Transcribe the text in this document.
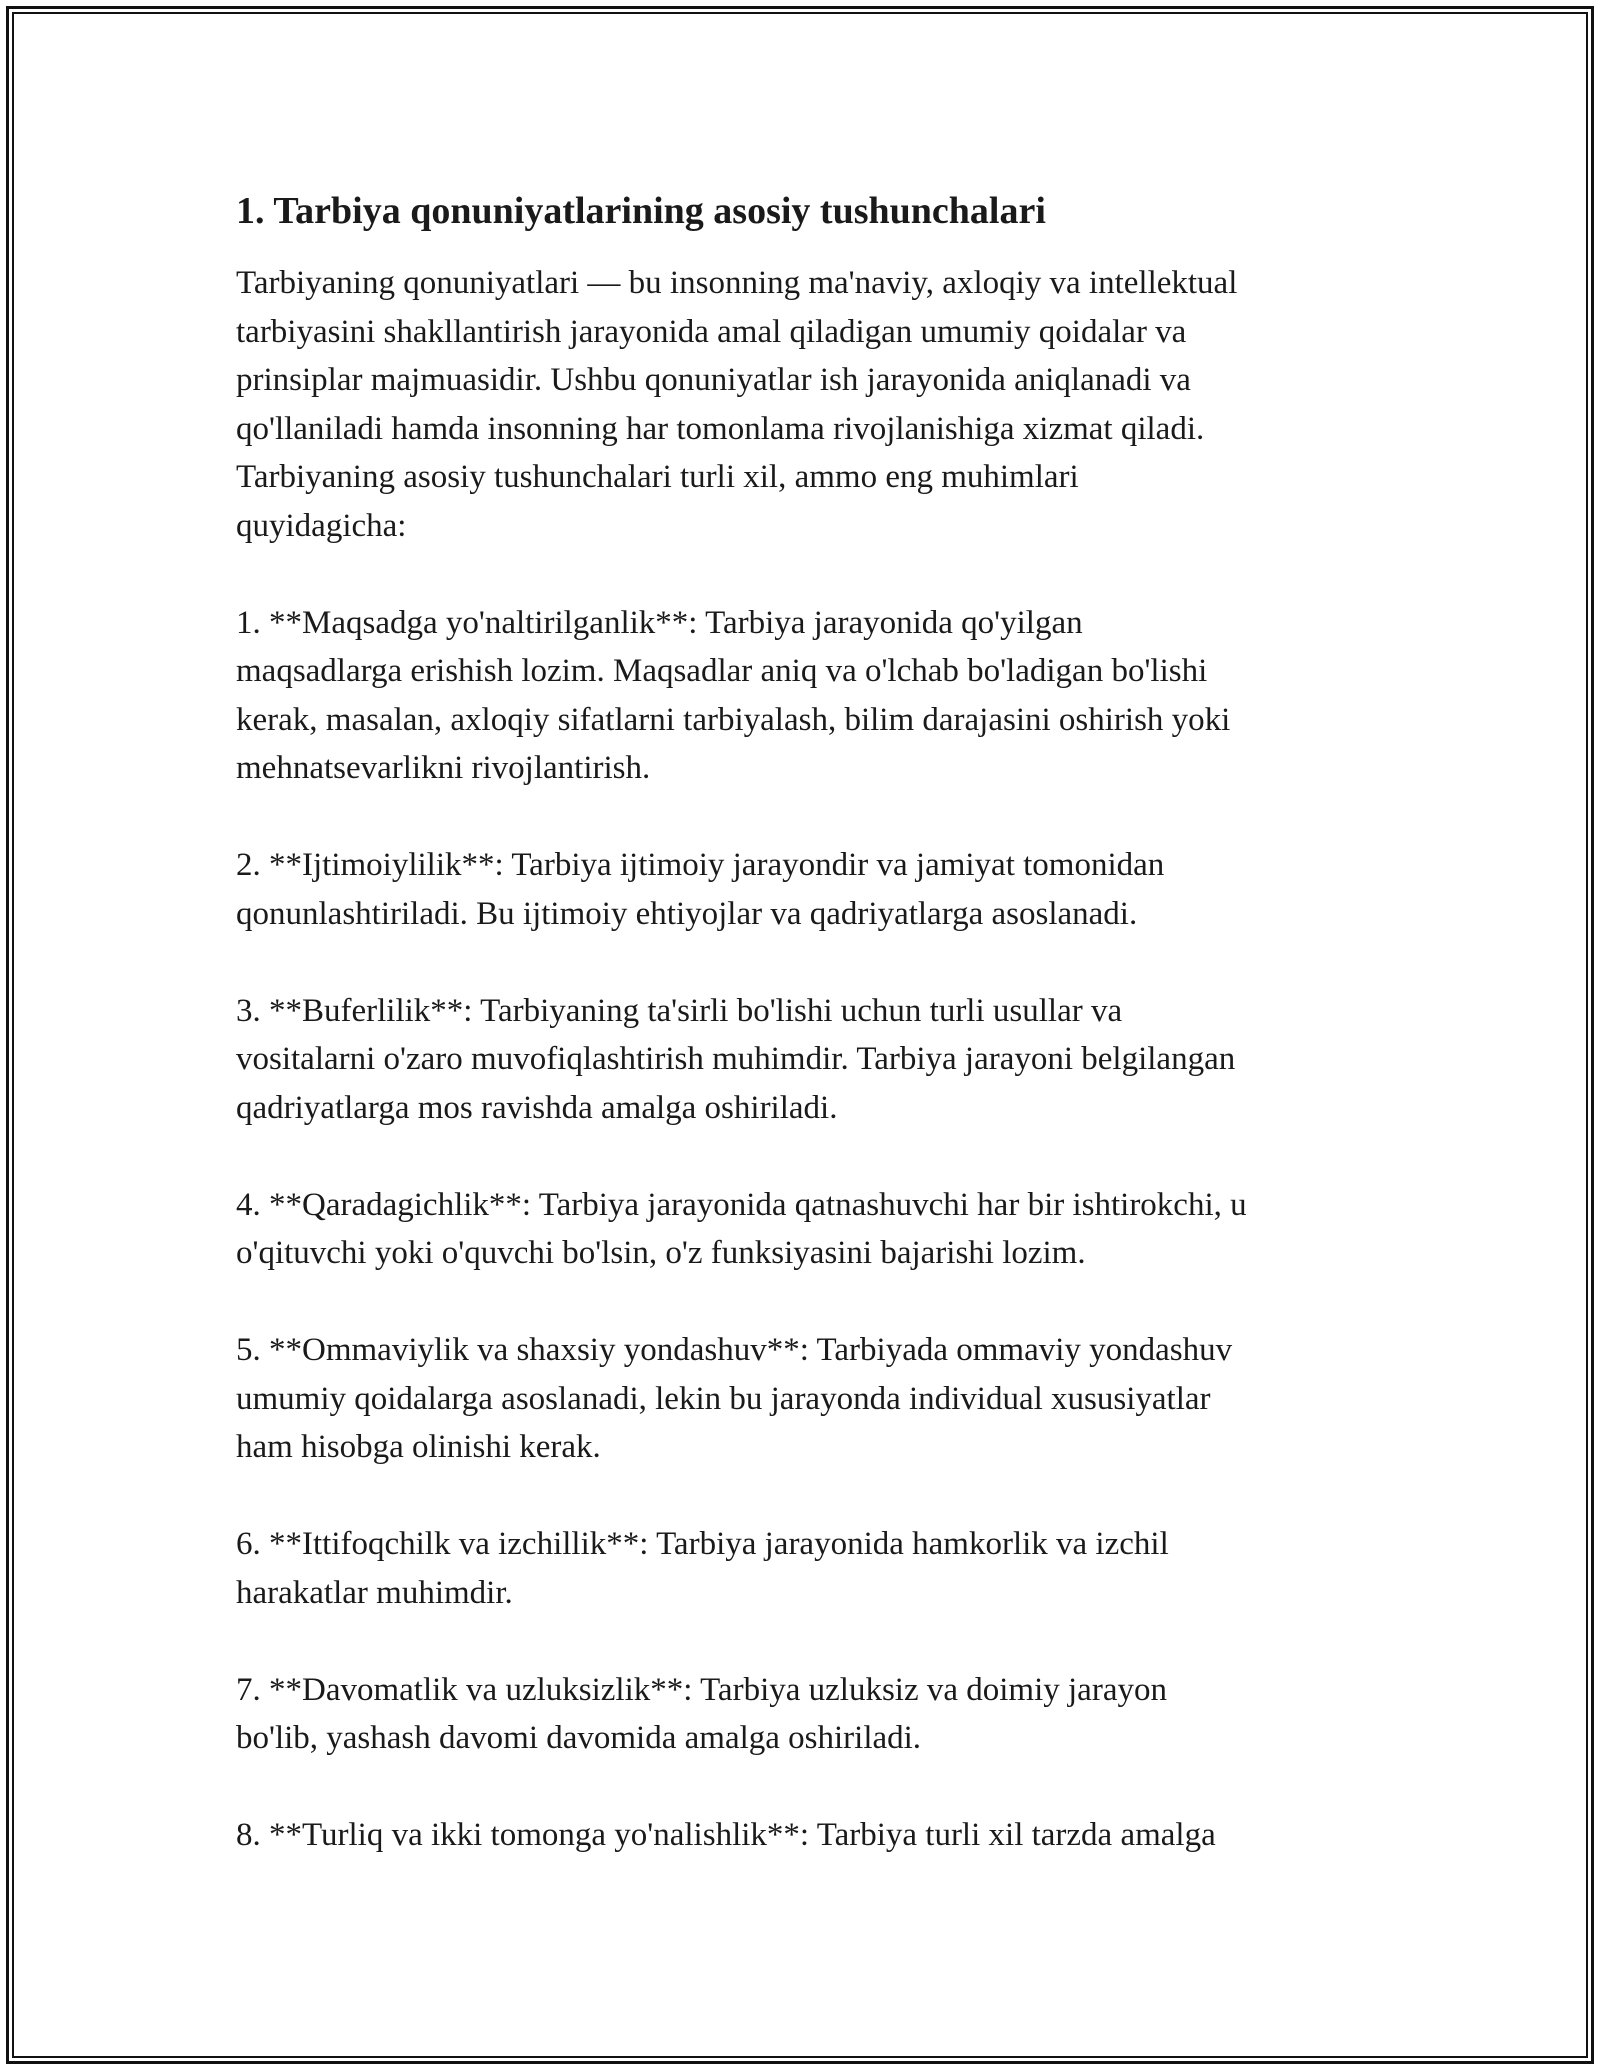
1. Tarbiya qonuniyatlarining asosiy tushunchalari
Tarbiyaning qonuniyatlari — bu insonning ma'naviy, axloqiy va intellektual
tarbiyasini shakllantirish jarayonida amal qiladigan umumiy qoidalar va
prinsiplar majmuasidir. Ushbu qonuniyatlar ish jarayonida aniqlanadi va
qo'llaniladi hamda insonning har tomonlama rivojlanishiga xizmat qiladi.
Tarbiyaning asosiy tushunchalari turli xil, ammo eng muhimlari
quyidagicha:
1. **Maqsadga yo'naltirilganlik**: Tarbiya jarayonida qo'yilgan
maqsadlarga erishish lozim. Maqsadlar aniq va o'lchab bo'ladigan bo'lishi
kerak, masalan, axloqiy sifatlarni tarbiyalash, bilim darajasini oshirish yoki
mehnatsevarlikni rivojlantirish.
2. **Ijtimoiylilik**: Tarbiya ijtimoiy jarayondir va jamiyat tomonidan
qonunlashtiriladi. Bu ijtimoiy ehtiyojlar va qadriyatlarga asoslanadi.
3. **Buferlilik**: Tarbiyaning ta'sirli bo'lishi uchun turli usullar va
vositalarni o'zaro muvofiqlashtirish muhimdir. Tarbiya jarayoni belgilangan
qadriyatlarga mos ravishda amalga oshiriladi.
4. **Qaradagichlik**: Tarbiya jarayonida qatnashuvchi har bir ishtirokchi, u
o'qituvchi yoki o'quvchi bo'lsin, o'z funksiyasini bajarishi lozim.
5. **Ommaviylik va shaxsiy yondashuv**: Tarbiyada ommaviy yondashuv
umumiy qoidalarga asoslanadi, lekin bu jarayonda individual xususiyatlar
ham hisobga olinishi kerak.
6. **Ittifoqchilk va izchillik**: Tarbiya jarayonida hamkorlik va izchil
harakatlar muhimdir.
7. **Davomatlik va uzluksizlik**: Tarbiya uzluksiz va doimiy jarayon
bo'lib, yashash davomi davomida amalga oshiriladi.
8. **Turliq va ikki tomonga yo'nalishlik**: Tarbiya turli xil tarzda amalga
